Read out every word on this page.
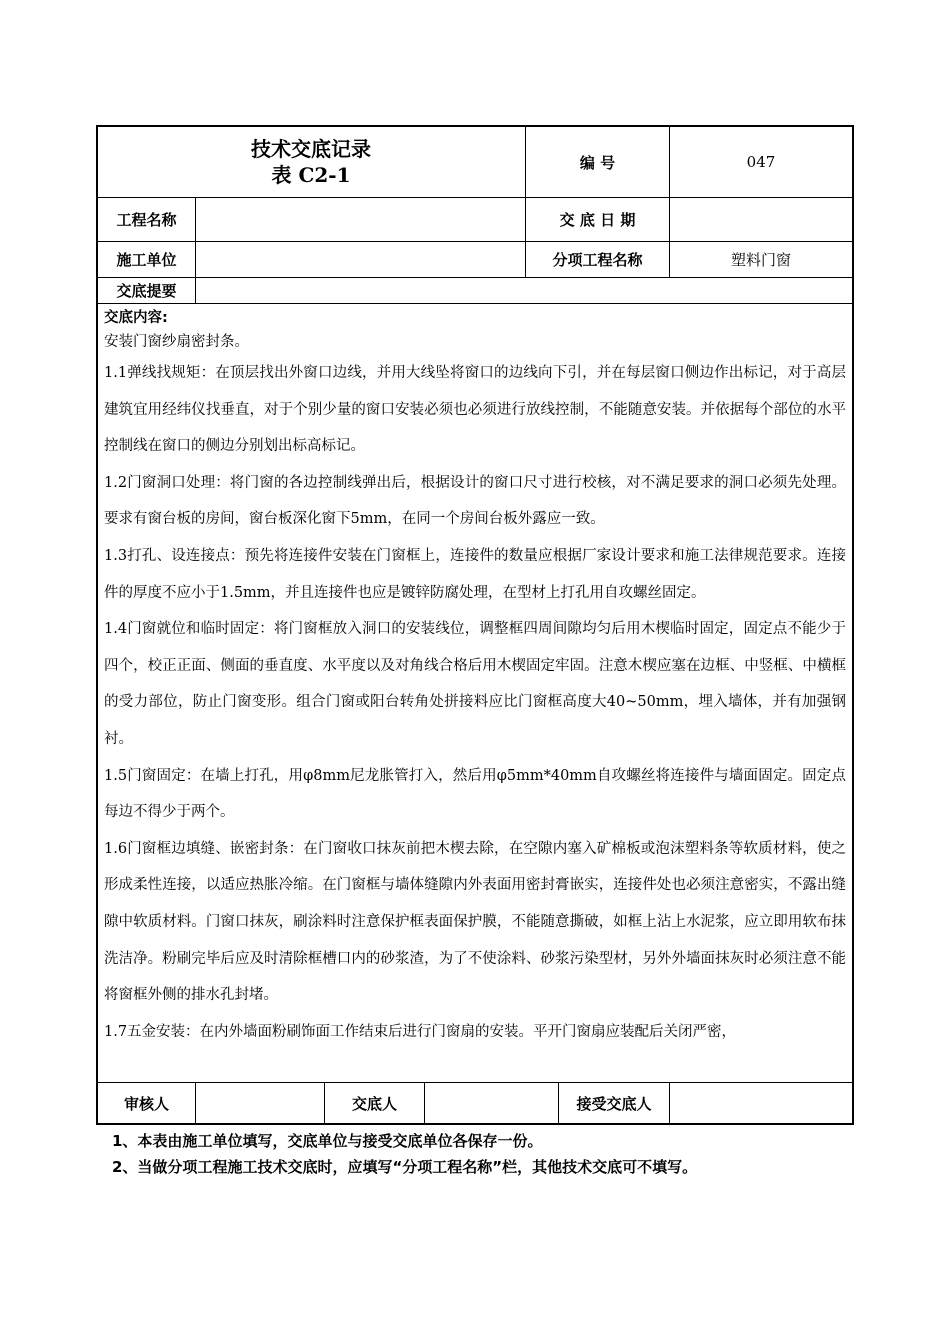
技术交底记录
表 C2-1
编 号	047
工程名称	交 底 日 期
施工单位	分项工程名称	塑料门窗
交底提要

交底内容:

安装门窗纱扇密封条。

1.1弹线找规矩：在顶层找出外窗口边线，并用大线坠将窗口的边线向下引，并在每层窗口侧边作出标记，对于高层建筑宜用经纬仪找垂直，对于个别少量的窗口安装必须也必须进行放线控制，不能随意安装。并依据每个部位的水平控制线在窗口的侧边分别划出标高标记。

1.2门窗洞口处理：将门窗的各边控制线弹出后，根据设计的窗口尺寸进行校核，对不满足要求的洞口必须先处理。要求有窗台板的房间，窗台板深化窗下5mm，在同一个房间台板外露应一致。

1.3打孔、设连接点：预先将连接件安装在门窗框上，连接件的数量应根据厂家设计要求和施工法律规范要求。连接件的厚度不应小于1.5mm，并且连接件也应是镀锌防腐处理，在型材上打孔用自攻螺丝固定。

1.4门窗就位和临时固定：将门窗框放入洞口的安装线位，调整框四周间隙均匀后用木楔临时固定，固定点不能少于四个，校正正面、侧面的垂直度、水平度以及对角线合格后用木楔固定牢固。注意木楔应塞在边框、中竖框、中横框的受力部位，防止门窗变形。组合门窗或阳台转角处拼接料应比门窗框高度大40~50mm，埋入墙体，并有加强钢衬。

1.5门窗固定：在墙上打孔，用φ8mm尼龙胀管打入，然后用φ5mm*40mm自攻螺丝将连接件与墙面固定。固定点每边不得少于两个。

1.6门窗框边填缝、嵌密封条：在门窗收口抹灰前把木楔去除，在空隙内塞入矿棉板或泡沫塑料条等软质材料，使之形成柔性连接，以适应热胀冷缩。在门窗框与墙体缝隙内外表面用密封膏嵌实，连接件处也必须注意密实，不露出缝隙中软质材料。门窗口抹灰，刷涂料时注意保护框表面保护膜，不能随意撕破，如框上沾上水泥浆，应立即用软布抹洗洁净。粉刷完毕后应及时清除框槽口内的砂浆渣，为了不使涂料、砂浆污染型材，另外外墙面抹灰时必须注意不能将窗框外侧的排水孔封堵。

1.7五金安装：在内外墙面粉刷饰面工作结束后进行门窗扇的安装。平开门窗扇应装配后关闭严密，

审核人	交底人	接受交底人
1、本表由施工单位填写，交底单位与接受交底单位各保存一份。
2、当做分项工程施工技术交底时，应填写“分项工程名称”栏，其他技术交底可不填写。
